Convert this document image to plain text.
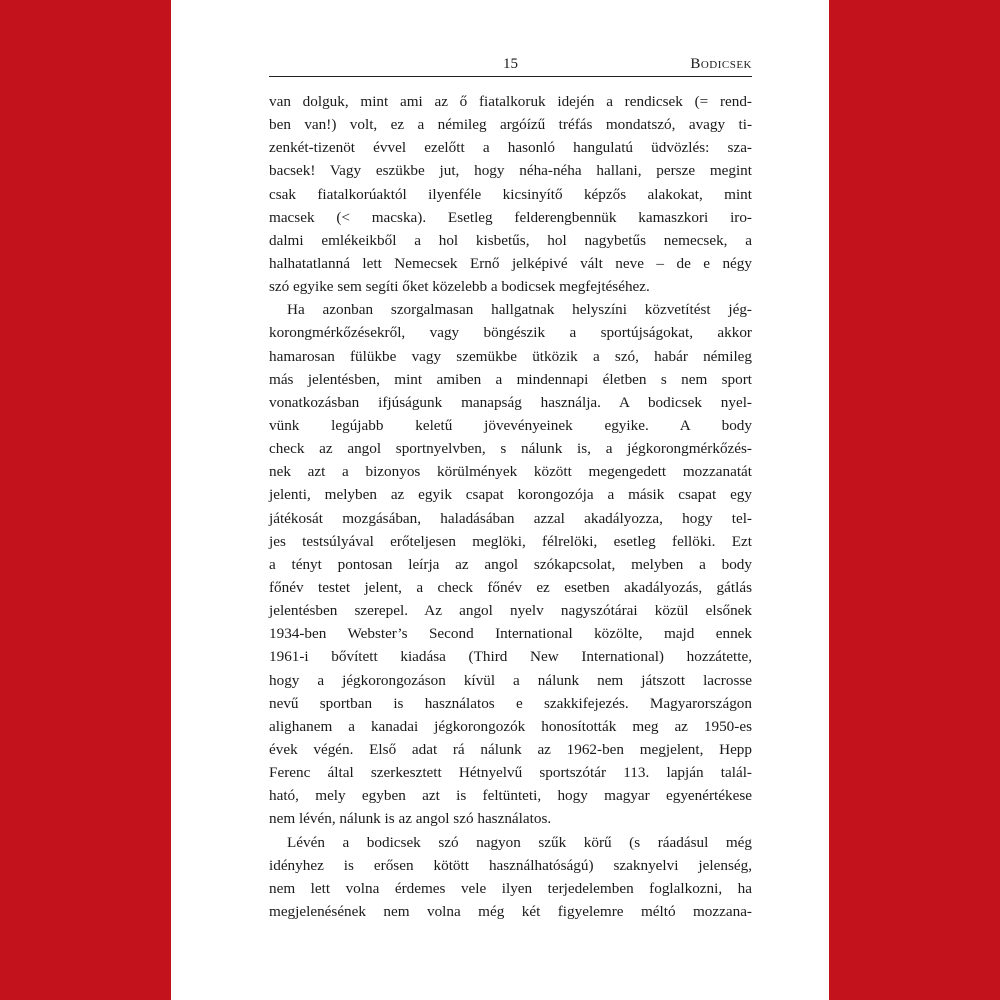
15	Bodicsek

van dolguk, mint ami az ő fiatalkoruk idején a rendicsek (= rend-
ben van!) volt, ez a némileg argóízű tréfás mondatszó, avagy ti-
zenkét-tizenöt évvel ezelőtt a hasonló hangulatú üdvözlés: sza-
bacsek! Vagy eszükbe jut, hogy néha-néha hallani, persze megint
csak fiatalkorúaktól ilyenféle kicsinyítő képzős alakokat, mint
macsek (< macska). Esetleg felderengbennük kamaszkori iro-
dalmi emlékeikből a hol kisbetűs, hol nagybetűs nemecsek, a
halhatatlanná lett Nemecsek Ernő jelképivé vált neve – de e négy
szó egyike sem segíti őket közelebb a bodicsek megfejtéséhez.

Ha azonban szorgalmasan hallgatnak helyszíni közvetítést jég-
korongmérkőzésekről, vagy böngészik a sportújságokat, akkor
hamarosan fülükbe vagy szemükbe ütközik a szó, habár némileg
más jelentésben, mint amiben a mindennapi életben s nem sport
vonatkozásban ifjúságunk manapság használja. A bodicsek nyel-
vünk legújabb keletű jövevényeinek egyike. A body
check az angol sportnyelvben, s nálunk is, a jégkorongmérkőzés-
nek azt a bizonyos körülmények között megengedett mozzanatát
jelenti, melyben az egyik csapat korongozója a másik csapat egy
játékosát mozgásában, haladásában azzal akadályozza, hogy tel-
jes testsúlyával erőteljesen meglöki, félrelöki, esetleg fellöki. Ezt
a tényt pontosan leírja az angol szókapcsolat, melyben a body
főnév testet jelent, a check főnév ez esetben akadályozás, gátlás
jelentésben szerepel. Az angol nyelv nagyszótárai közül elsőnek
1934-ben Webster’s Second International közölte, majd ennek
1961-i bővített kiadása (Third New International) hozzátette,
hogy a jégkorongozáson kívül a nálunk nem játszott lacrosse
nevű sportban is használatos e szakkifejezés. Magyarországon
alighanem a kanadai jégkorongozók honosították meg az 1950-es
évek végén. Első adat rá nálunk az 1962-ben megjelent, Hepp
Ferenc által szerkesztett Hétnyelvű sportszótár 113. lapján talál-
ható, mely egyben azt is feltünteti, hogy magyar egyenértékese
nem lévén, nálunk is az angol szó használatos.

Lévén a bodicsek szó nagyon szűk körű (s ráadásul még
idényhez is erősen kötött használhatóságú) szaknyelvi jelenség,
nem lett volna érdemes vele ilyen terjedelemben foglalkozni, ha
megjelenésének nem volna még két figyelemre méltó mozzana-
